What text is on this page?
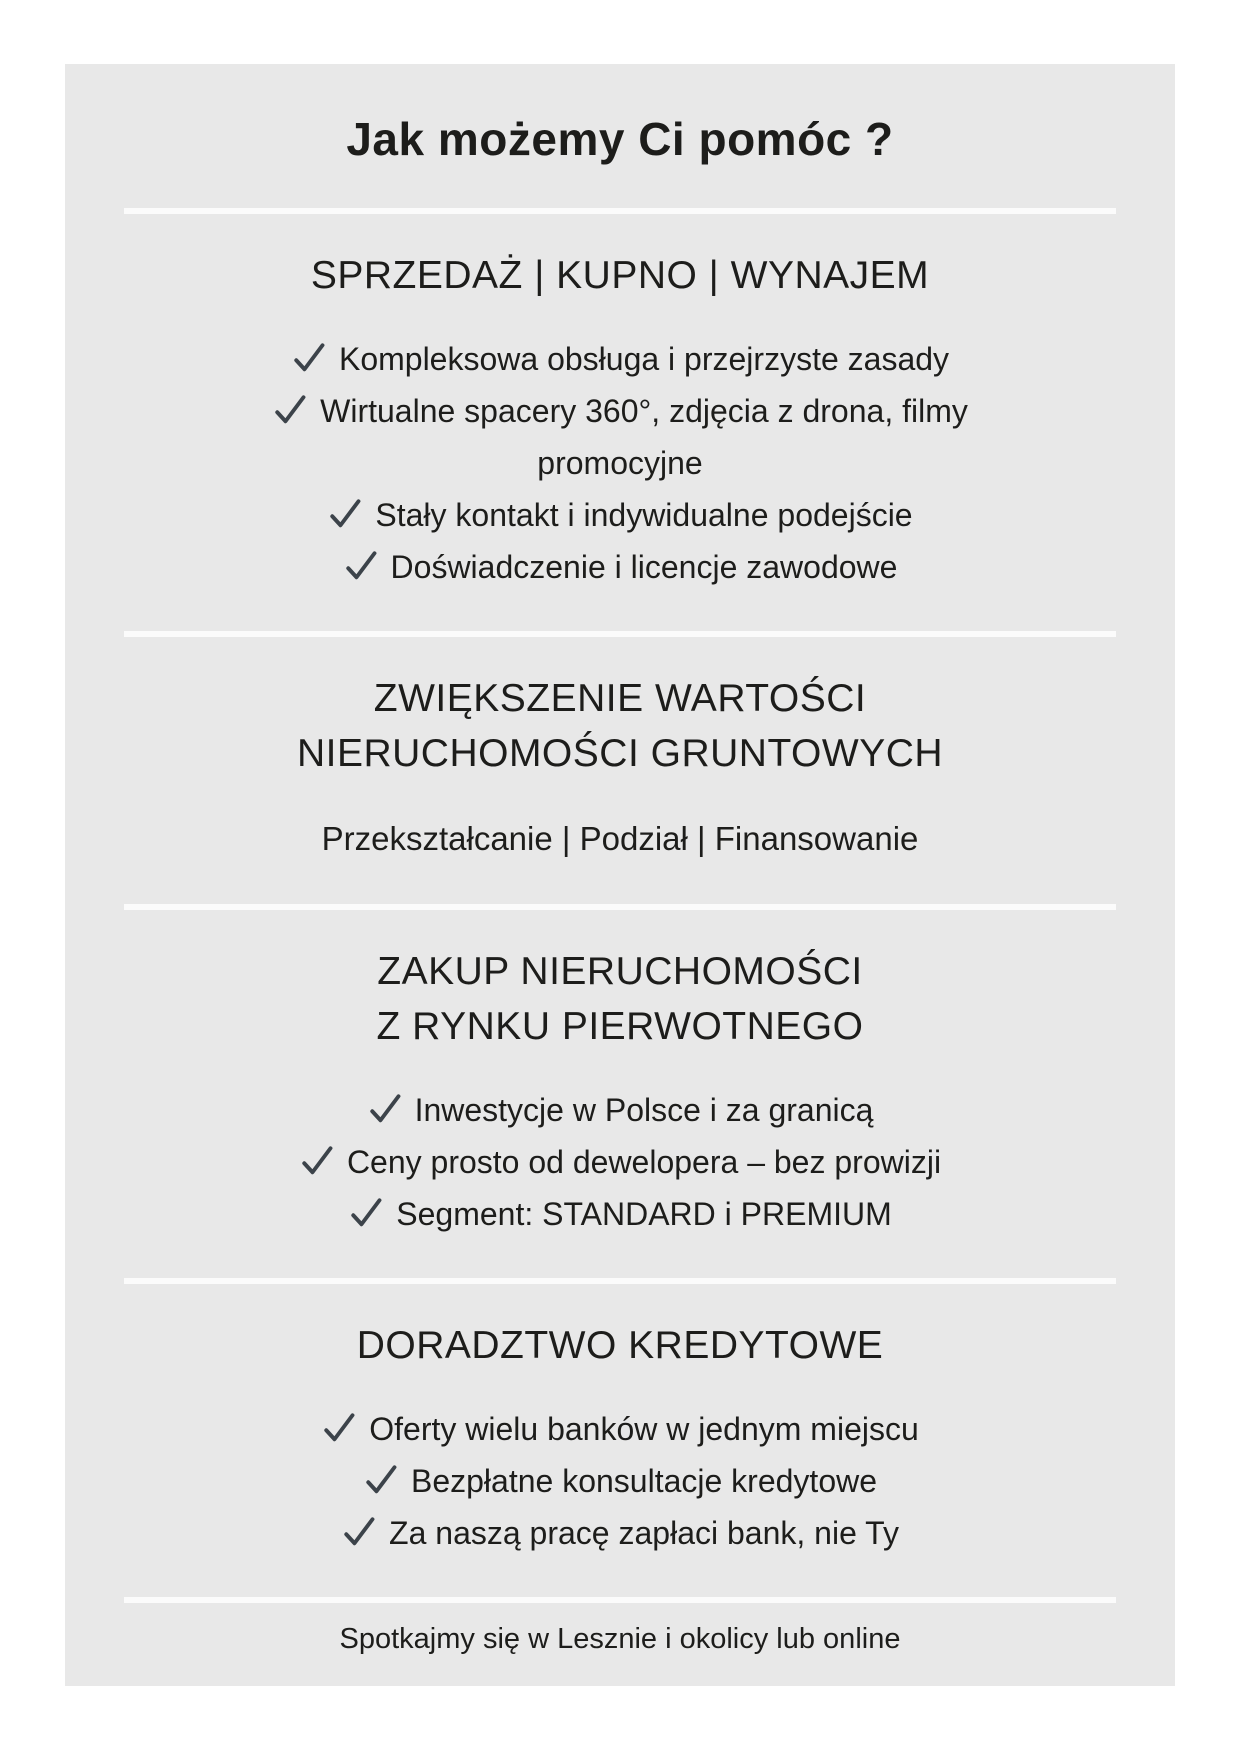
Jak możemy Ci pomóc ?
SPRZEDAŻ | KUPNO | WYNAJEM

Kompleksowa obsługa i przejrzyste zasady

Wirtualne spacery 360°, zdjęcia z drona, filmy promocyjne

Stały kontakt i indywidualne podejście

Doświadczenie i licencje zawodowe

ZWIĘKSZENIE WARTOŚCI
NIERUCHOMOŚCI GRUNTOWYCH
Przekształcanie | Podział | Finansowanie
ZAKUP NIERUCHOMOŚCI
Z RYNKU PIERWOTNEGO

Inwestycje w Polsce i za granicą

Ceny prosto od dewelopera – bez prowizji

Segment: STANDARD i PREMIUM

DORADZTWO KREDYTOWE

Oferty wielu banków w jednym miejscu

Bezpłatne konsultacje kredytowe

Za naszą pracę zapłaci bank, nie Ty

Spotkajmy się w Lesznie i okolicy lub online
